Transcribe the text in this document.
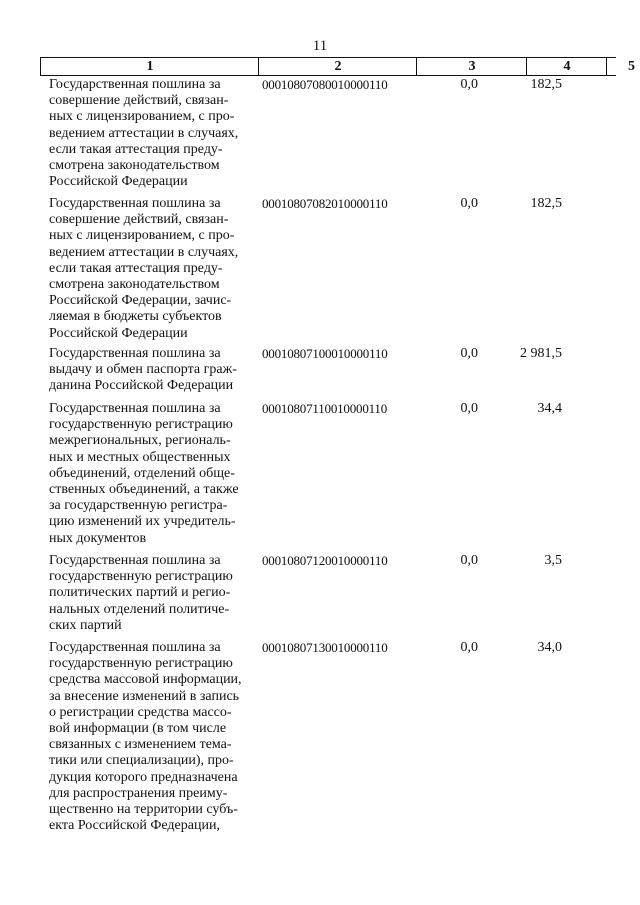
11
1	2	3	4	5
Государственная пошлина за
совершение действий, связан-
ных с лицензированием, с про-
ведением аттестации в случаях,
если такая аттестация преду-
смотрена законодательством
Российской Федерации
00010807080010000110	0,0	182,5
Государственная пошлина за
совершение действий, связан-
ных с лицензированием, с про-
ведением аттестации в случаях,
если такая аттестация преду-
смотрена законодательством
Российской Федерации, зачис-
ляемая в бюджеты субъектов
Российской Федерации
00010807082010000110	0,0	182,5
Государственная пошлина за
выдачу и обмен паспорта граж-
данина Российской Федерации
00010807100010000110	0,0	2 981,5
Государственная пошлина за
государственную регистрацию
межрегиональных, региональ-
ных и местных общественных
объединений, отделений обще-
ственных объединений, а также
за государственную регистра-
цию изменений их учредитель-
ных документов
00010807110010000110	0,0	34,4
Государственная пошлина за
государственную регистрацию
политических партий и регио-
нальных отделений политиче-
ских партий
00010807120010000110	0,0	3,5
Государственная пошлина за
государственную регистрацию
средства массовой информации,
за внесение изменений в запись
о регистрации средства массо-
вой информации (в том числе
связанных с изменением тема-
тики или специализации), про-
дукция которого предназначена
для распространения преиму-
щественно на территории субъ-
екта Российской Федерации,
00010807130010000110	0,0	34,0
